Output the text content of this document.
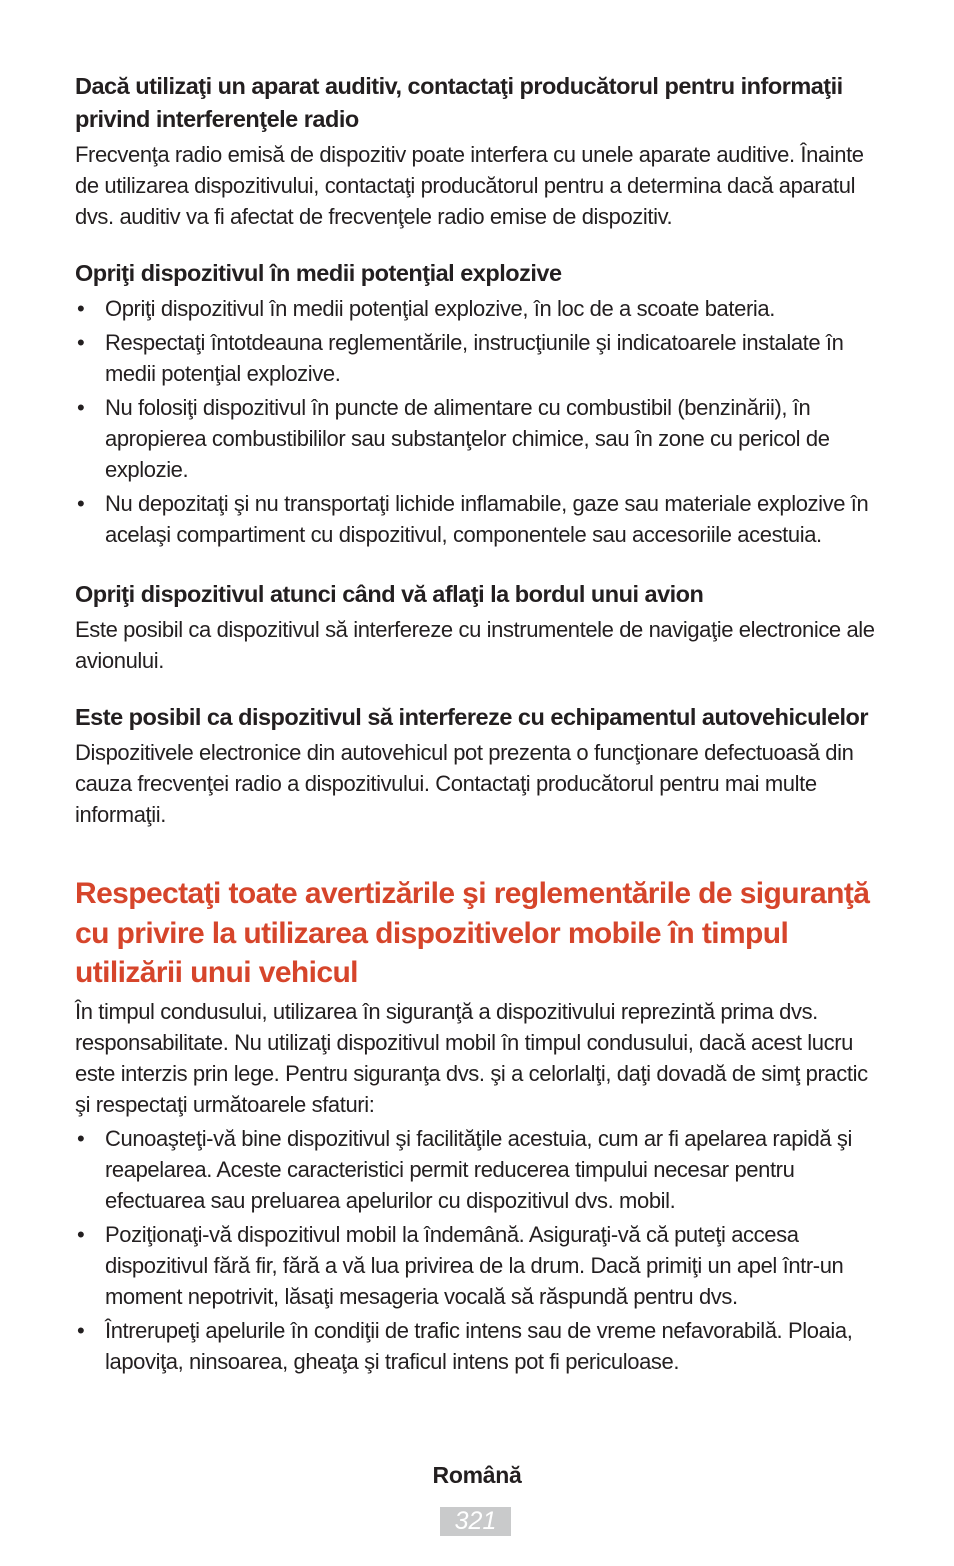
Dacă utilizaţi un aparat auditiv, contactaţi producătorul pentru informaţii privind interferenţele radio

Frecvenţa radio emisă de dispozitiv poate interfera cu unele aparate auditive. Înainte de utilizarea dispozitivului, contactaţi producătorul pentru a determina dacă aparatul dvs. auditiv va fi afectat de frecvenţele radio emise de dispozitiv.

Opriţi dispozitivul în medii potenţial explozive
• Opriţi dispozitivul în medii potenţial explozive, în loc de a scoate bateria.
• Respectaţi întotdeauna reglementările, instrucţiunile şi indicatoarele instalate în medii potenţial explozive.
• Nu folosiţi dispozitivul în puncte de alimentare cu combustibil (benzinării), în apropierea combustibililor sau substanţelor chimice, sau în zone cu pericol de explozie.
• Nu depozitaţi şi nu transportaţi lichide inflamabile, gaze sau materiale explozive în acelaşi compartiment cu dispozitivul, componentele sau accesoriile acestuia.
Opriţi dispozitivul atunci când vă aflaţi la bordul unui avion

Este posibil ca dispozitivul să interfereze cu instrumentele de navigaţie electronice ale avionului.

Este posibil ca dispozitivul să interfereze cu echipamentul autovehiculelor

Dispozitivele electronice din autovehicul pot prezenta o funcţionare defectuoasă din cauza frecvenţei radio a dispozitivului. Contactaţi producătorul pentru mai multe informaţii.

Respectaţi toate avertizările şi reglementările de siguranţă cu privire la utilizarea dispozitivelor mobile în timpul utilizării unui vehicul

În timpul condusului, utilizarea în siguranţă a dispozitivului reprezintă prima dvs. responsabilitate. Nu utilizaţi dispozitivul mobil în timpul condusului, dacă acest lucru este interzis prin lege. Pentru siguranţa dvs. şi a celorlalţi, daţi dovadă de simţ practic şi respectaţi următoarele sfaturi:

• Cunoaşteţi-vă bine dispozitivul şi facilităţile acestuia, cum ar fi apelarea rapidă şi reapelarea. Aceste caracteristici permit reducerea timpului necesar pentru efectuarea sau preluarea apelurilor cu dispozitivul dvs. mobil.
• Poziţionaţi-vă dispozitivul mobil la îndemână. Asiguraţi-vă că puteţi accesa dispozitivul fără fir, fără a vă lua privirea de la drum. Dacă primiţi un apel într-un moment nepotrivit, lăsaţi mesageria vocală să răspundă pentru dvs.
• Întrerupeţi apelurile în condiţii de trafic intens sau de vreme nefavorabilă. Ploaia, lapoviţa, ninsoarea, gheaţa şi traficul intens pot fi periculoase.
Română
321
